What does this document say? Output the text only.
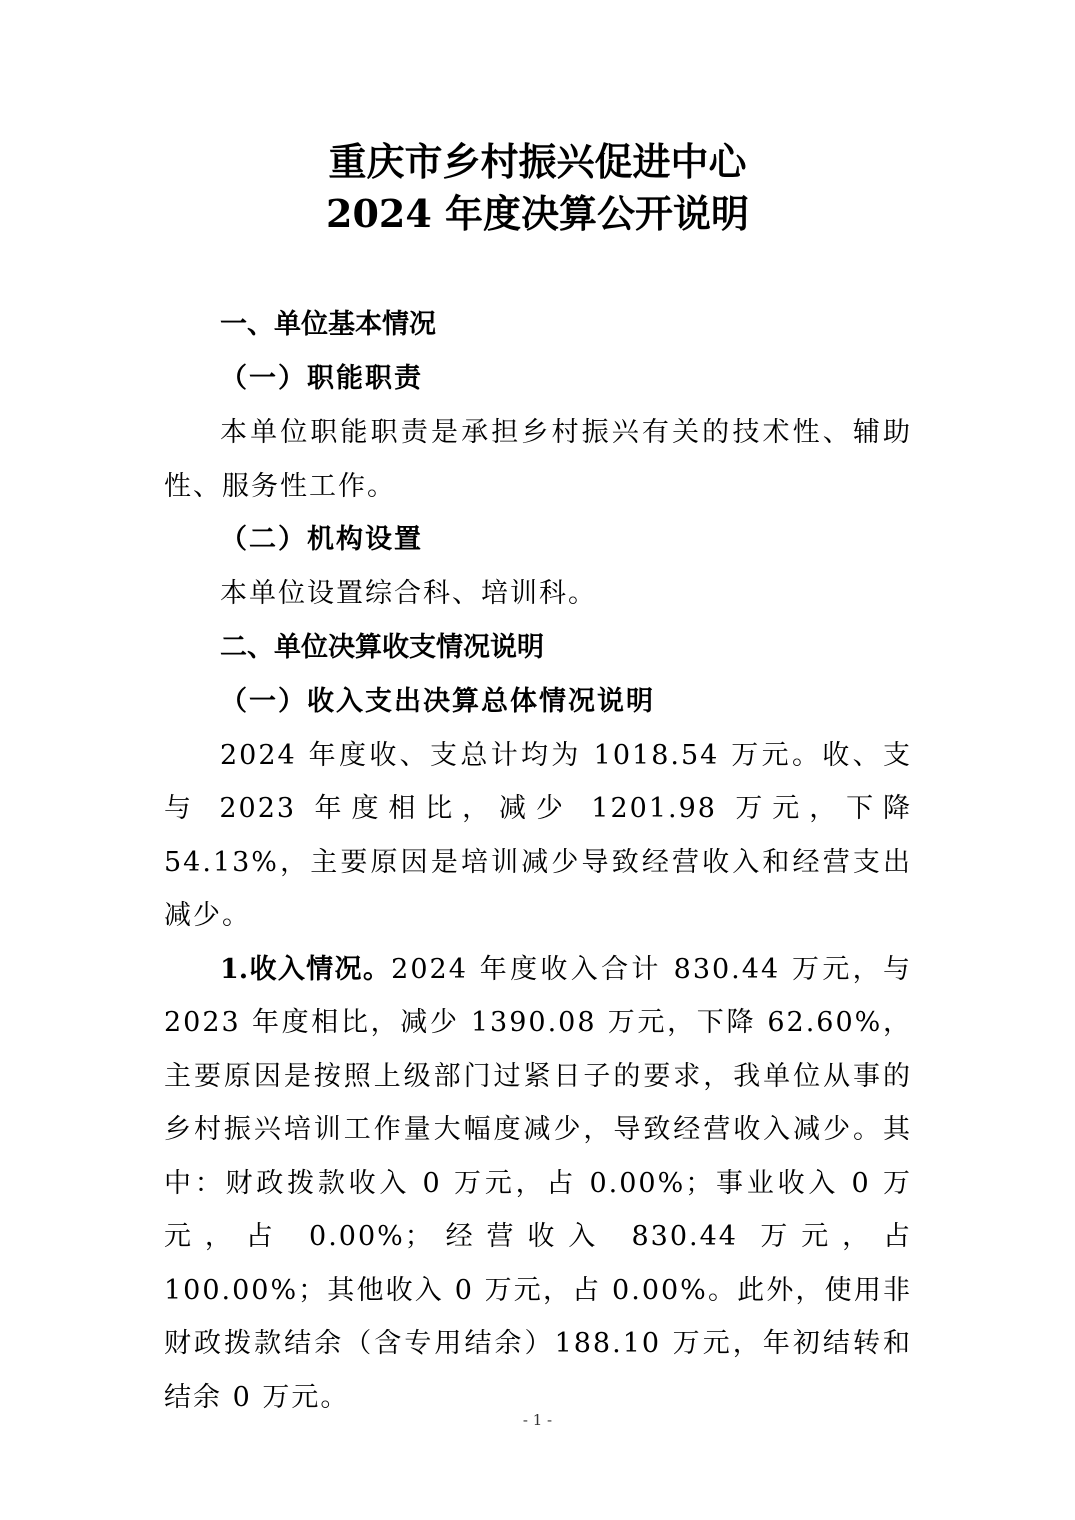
重庆市乡村振兴促进中心
2024 年度决算公开说明

一、单位基本情况

（一）职能职责

本单位职能职责是承担乡村振兴有关的技术性、辅助性、服务性工作。

（二）机构设置

本单位设置综合科、培训科。

二、单位决算收支情况说明

（一）收入支出决算总体情况说明

2024 年度收、支总计均为 1018.54 万元。收、支与 2023 年度相比，减少 1201.98 万元，下降 54.13%，主要原因是培训减少导致经营收入和经营支出减少。

1.收入情况。2024 年度收入合计 830.44 万元，与 2023 年度相比，减少 1390.08 万元，下降 62.60%，主要原因是按照上级部门过紧日子的要求，我单位从事的乡村振兴培训工作量大幅度减少，导致经营收入减少。其中：财政拨款收入 0 万元，占 0.00%；事业收入 0 万元，占 0.00%；经营收入 830.44 万元，占 100.00%；其他收入 0 万元，占 0.00%。此外，使用非财政拨款结余（含专用结余）188.10 万元，年初结转和结余 0 万元。

- 1 -
